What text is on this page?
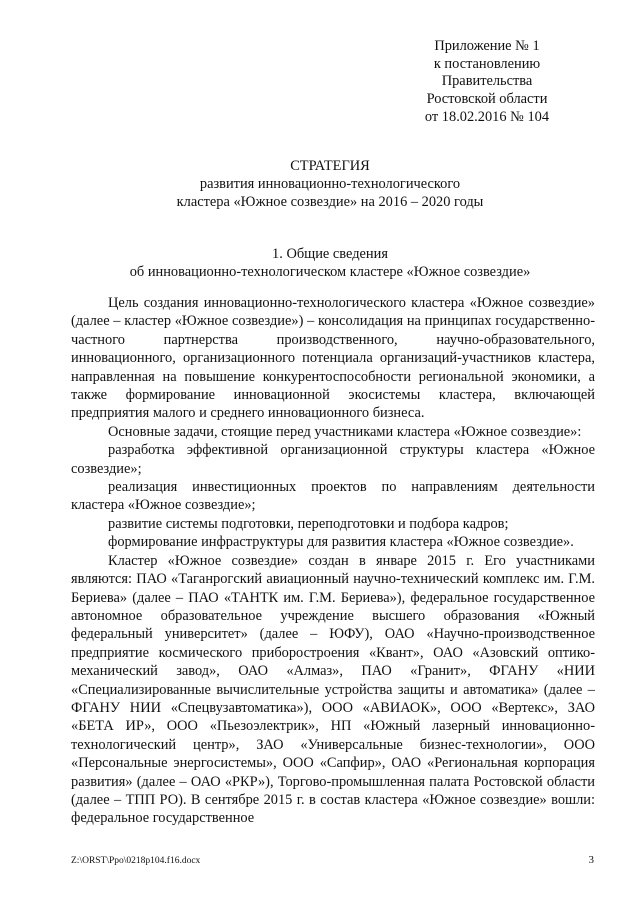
Приложение № 1
к постановлению
Правительства
Ростовской области
от 18.02.2016 № 104
СТРАТЕГИЯ
развития инновационно-технологического
кластера «Южное созвездие» на 2016 – 2020 годы
1. Общие сведения
об инновационно-технологическом кластере «Южное созвездие»

Цель создания инновационно-технологического кластера «Южное созвездие» (далее – кластер «Южное созвездие») – консолидация на принципах государственно-частного партнерства производственного, научно-образовательного, инновационного, организационного потенциала организаций-участников кластера, направленная на повышение конкурентоспособности региональной экономики, а также формирование инновационной экосистемы кластера, включающей предприятия малого и среднего инновационного бизнеса.

Основные задачи, стоящие перед участниками кластера «Южное созвездие»:

разработка эффективной организационной структуры кластера «Южное созвездие»;

реализация инвестиционных проектов по направлениям деятельности кластера «Южное созвездие»;

развитие системы подготовки, переподготовки и подбора кадров;

формирование инфраструктуры для развития кластера «Южное созвездие».

Кластер «Южное созвездие» создан в январе 2015 г. Его участниками являются: ПАО «Таганрогский авиационный научно-технический комплекс им. Г.М. Бериева» (далее – ПАО «ТАНТК им. Г.М. Бериева»), федеральное государственное автономное образовательное учреждение высшего образования «Южный федеральный университет» (далее – ЮФУ), ОАО «Научно-производственное предприятие космического приборостроения «Квант», ОАО «Азовский оптико-механический завод», ОАО «Алмаз», ПАО «Гранит», ФГАНУ «НИИ «Специализированные вычислительные устройства защиты и автоматика» (далее – ФГАНУ НИИ «Спецвузавтоматика»), ООО «АВИАОК», ООО «Вертекс», ЗАО «БЕТА ИР», ООО «Пьезоэлектрик», НП «Южный лазерный инновационно-технологический центр», ЗАО «Универсальные бизнес-технологии», ООО «Персональные энергосистемы», ООО «Сапфир», ОАО «Региональная корпорация развития» (далее – ОАО «РКР»), Торгово-промышленная палата Ростовской области (далее – ТПП РО). В сентябре 2015 г. в состав кластера «Южное созвездие» вошли: федеральное государственное

Z:\ORST\Ppo\0218p104.f16.docx	3
